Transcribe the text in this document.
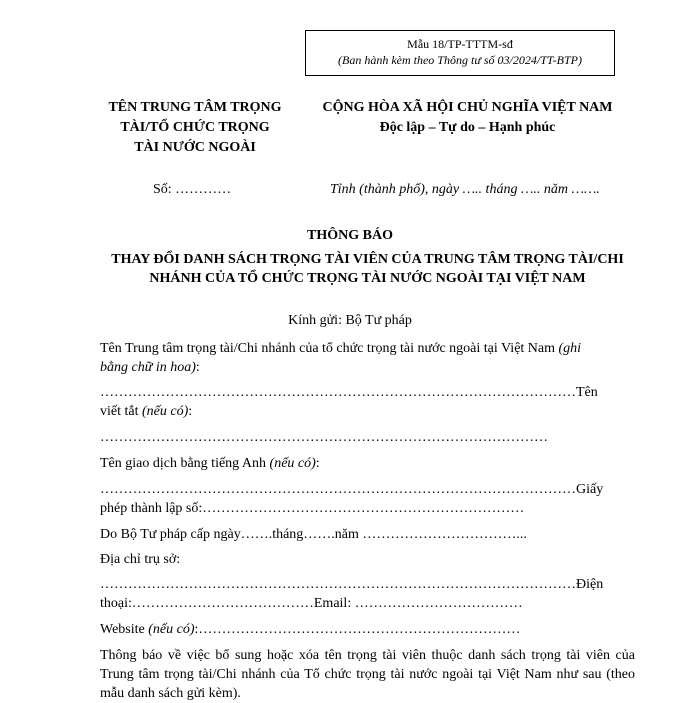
Mẫu 18/TP-TTTM-sđ
(Ban hành kèm theo Thông tư số 03/2024/TT-BTP)
TÊN TRUNG TÂM TRỌNG
TÀI/TỔ CHỨC TRỌNG
TÀI NƯỚC NGOÀI
CỘNG HÒA XÃ HỘI CHỦ NGHĨA VIỆT NAM
Độc lập – Tự do – Hạnh phúc
Số: …………	Tỉnh (thành phố), ngày ….. tháng ….. năm …….
THÔNG BÁO
THAY ĐỔI DANH SÁCH TRỌNG TÀI VIÊN CỦA TRUNG TÂM TRỌNG TÀI/CHI NHÁNH CỦA TỔ CHỨC TRỌNG TÀI NƯỚC NGOÀI TẠI VIỆT NAM
Kính gửi: Bộ Tư pháp
Tên Trung tâm trọng tài/Chi nhánh của tổ chức trọng tài nước ngoài tại Việt Nam (ghi
bằng chữ in hoa):
…………………………………………………………………………………………Tên
viết tắt (nếu có):
……………………………………………………………………………………
Tên giao dịch bằng tiếng Anh (nếu có):
…………………………………………………………………………………………Giấy
phép thành lập số:……………………………………………………………
Do Bộ Tư pháp cấp ngày…….tháng…….năm ……………………………...
Địa chỉ trụ sở:
…………………………………………………………………………………………Điện
thoại:…………………………………Email: ………………………………
Website (nếu có):……………………………………………………………
Thông báo về việc bổ sung hoặc xóa tên trọng tài viên thuộc danh sách trọng tài viên của Trung tâm trọng tài/Chi nhánh của Tổ chức trọng tài nước ngoài tại Việt Nam như sau (theo mẫu danh sách gửi kèm).
